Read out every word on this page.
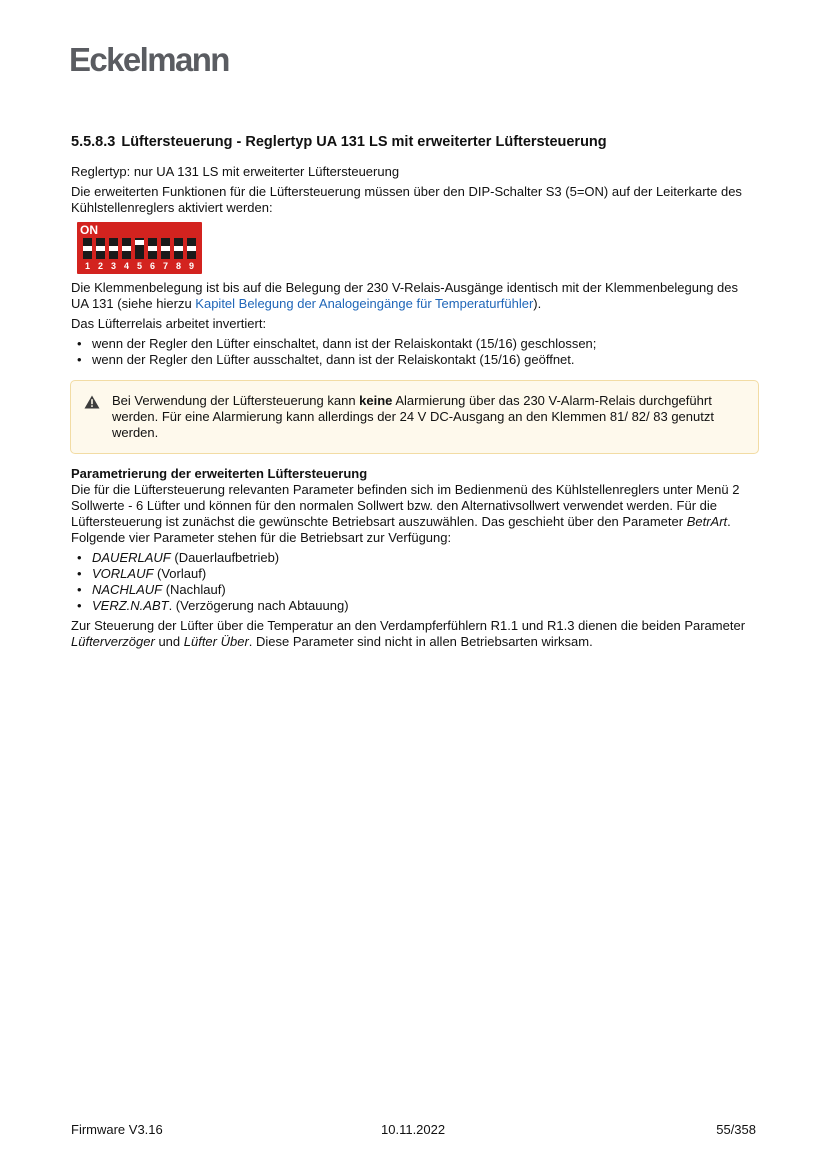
Eckelmann
5.5.8.3 Lüftersteuerung - Reglertyp UA 131 LS mit erweiterter Lüftersteuerung

Reglertyp: nur UA 131 LS mit erweiterter Lüftersteuerung

Die erweiterten Funktionen für die Lüftersteuerung müssen über den DIP-Schalter S3 (5=ON) auf der Leiterkarte des Kühlstellenreglers aktiviert werden:

ON
1 2 3 4 5 6 7 8 9

Die Klemmenbelegung ist bis auf die Belegung der 230 V-Relais-Ausgänge identisch mit der Klemmenbelegung des UA 131 (siehe hierzu Kapitel Belegung der Analogeingänge für Temperaturfühler).

Das Lüfterrelais arbeitet invertiert:

• wenn der Regler den Lüfter einschaltet, dann ist der Relaiskontakt (15/16) geschlossen;
• wenn der Regler den Lüfter ausschaltet, dann ist der Relaiskontakt (15/16) geöffnet.
Bei Verwendung der Lüftersteuerung kann keine Alarmierung über das 230 V-Alarm-Relais durchgeführt werden. Für eine Alarmierung kann allerdings der 24 V DC-Ausgang an den Klemmen 81/ 82/ 83 genutzt werden.

Parametrierung der erweiterten Lüftersteuerung

Die für die Lüftersteuerung relevanten Parameter befinden sich im Bedienmenü des Kühlstellenreglers unter Menü 2 Sollwerte - 6 Lüfter und können für den normalen Sollwert bzw. den Alternativsollwert verwendet werden. Für die Lüftersteuerung ist zunächst die gewünschte Betriebsart auszuwählen. Das geschieht über den Parameter BetrArt.
Folgende vier Parameter stehen für die Betriebsart zur Verfügung:

• DAUERLAUF (Dauerlaufbetrieb)
• VORLAUF (Vorlauf)
• NACHLAUF (Nachlauf)
• VERZ.N.ABT. (Verzögerung nach Abtauung)

Zur Steuerung der Lüfter über die Temperatur an den Verdampferfühlern R1.1 und R1.3 dienen die beiden Parameter Lüfterverzöger und Lüfter Über. Diese Parameter sind nicht in allen Betriebsarten wirksam.

Firmware V3.16	10.11.2022	55/358
